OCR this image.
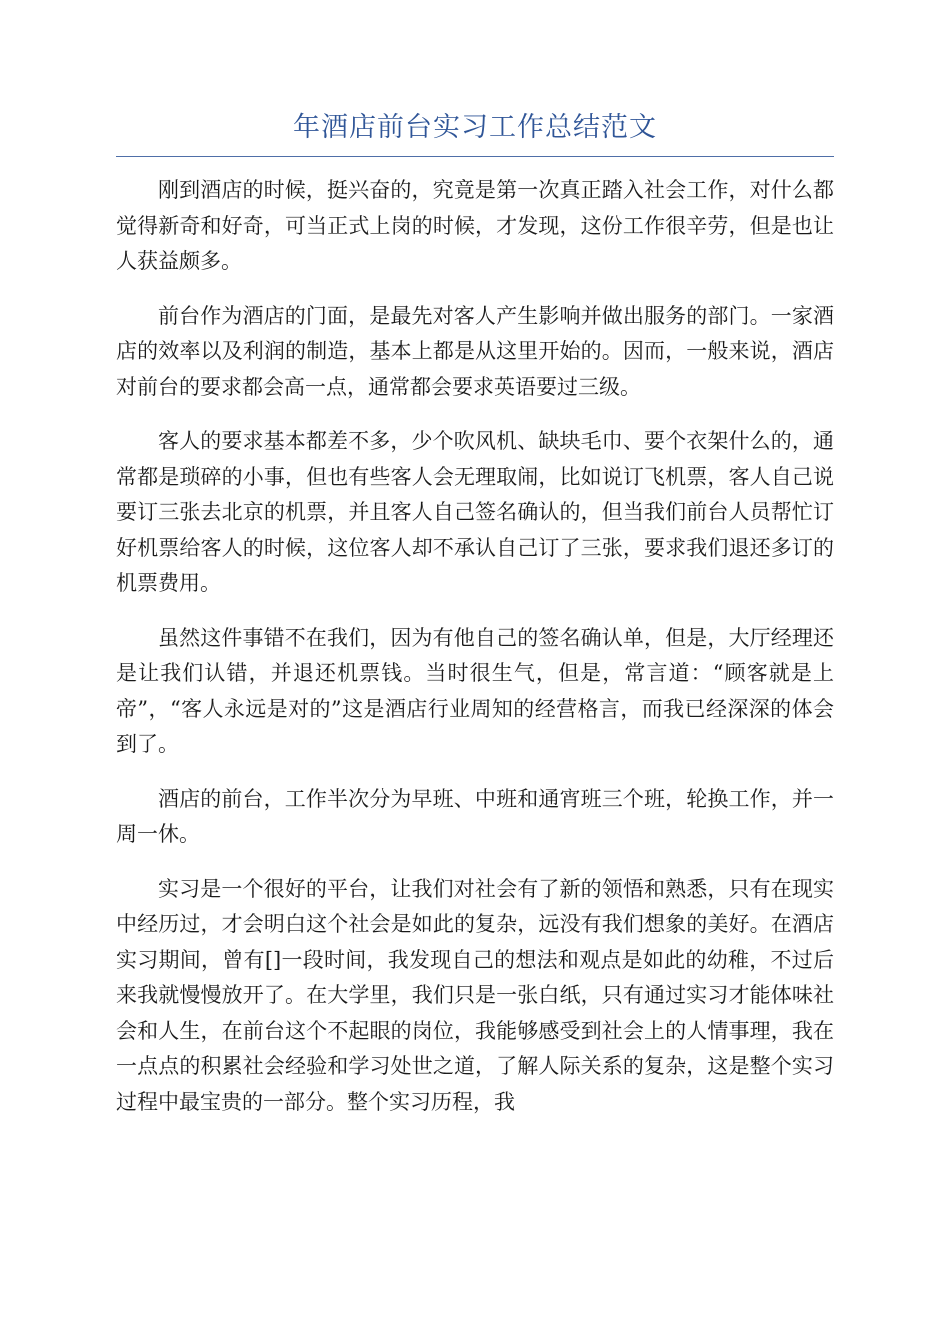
年酒店前台实习工作总结范文

刚到酒店的时候，挺兴奋的，究竟是第一次真正踏入社会工作，对什么都觉得新奇和好奇，可当正式上岗的时候，才发现，这份工作很辛劳，但是也让人获益颇多。

前台作为酒店的门面，是最先对客人产生影响并做出服务的部门。一家酒店的效率以及利润的制造，基本上都是从这里开始的。因而，一般来说，酒店对前台的要求都会高一点，通常都会要求英语要过三级。

客人的要求基本都差不多，少个吹风机、缺块毛巾、要个衣架什么的，通常都是琐碎的小事，但也有些客人会无理取闹，比如说订飞机票，客人自己说要订三张去北京的机票，并且客人自己签名确认的，但当我们前台人员帮忙订好机票给客人的时候，这位客人却不承认自己订了三张，要求我们退还多订的机票费用。

虽然这件事错不在我们，因为有他自己的签名确认单，但是，大厅经理还是让我们认错，并退还机票钱。当时很生气，但是，常言道：“顾客就是上帝”，“客人永远是对的”这是酒店行业周知的经营格言，而我已经深深的体会到了。

酒店的前台，工作半次分为早班、中班和通宵班三个班，轮换工作，并一周一休。

实习是一个很好的平台，让我们对社会有了新的领悟和熟悉，只有在现实中经历过，才会明白这个社会是如此的复杂，远没有我们想象的美好。在酒店实习期间，曾有[]一段时间，我发现自己的想法和观点是如此的幼稚，不过后来我就慢慢放开了。在大学里，我们只是一张白纸，只有通过实习才能体味社会和人生，在前台这个不起眼的岗位，我能够感受到社会上的人情事理，我在一点点的积累社会经验和学习处世之道，了解人际关系的复杂，这是整个实习过程中最宝贵的一部分。整个实习历程，我
